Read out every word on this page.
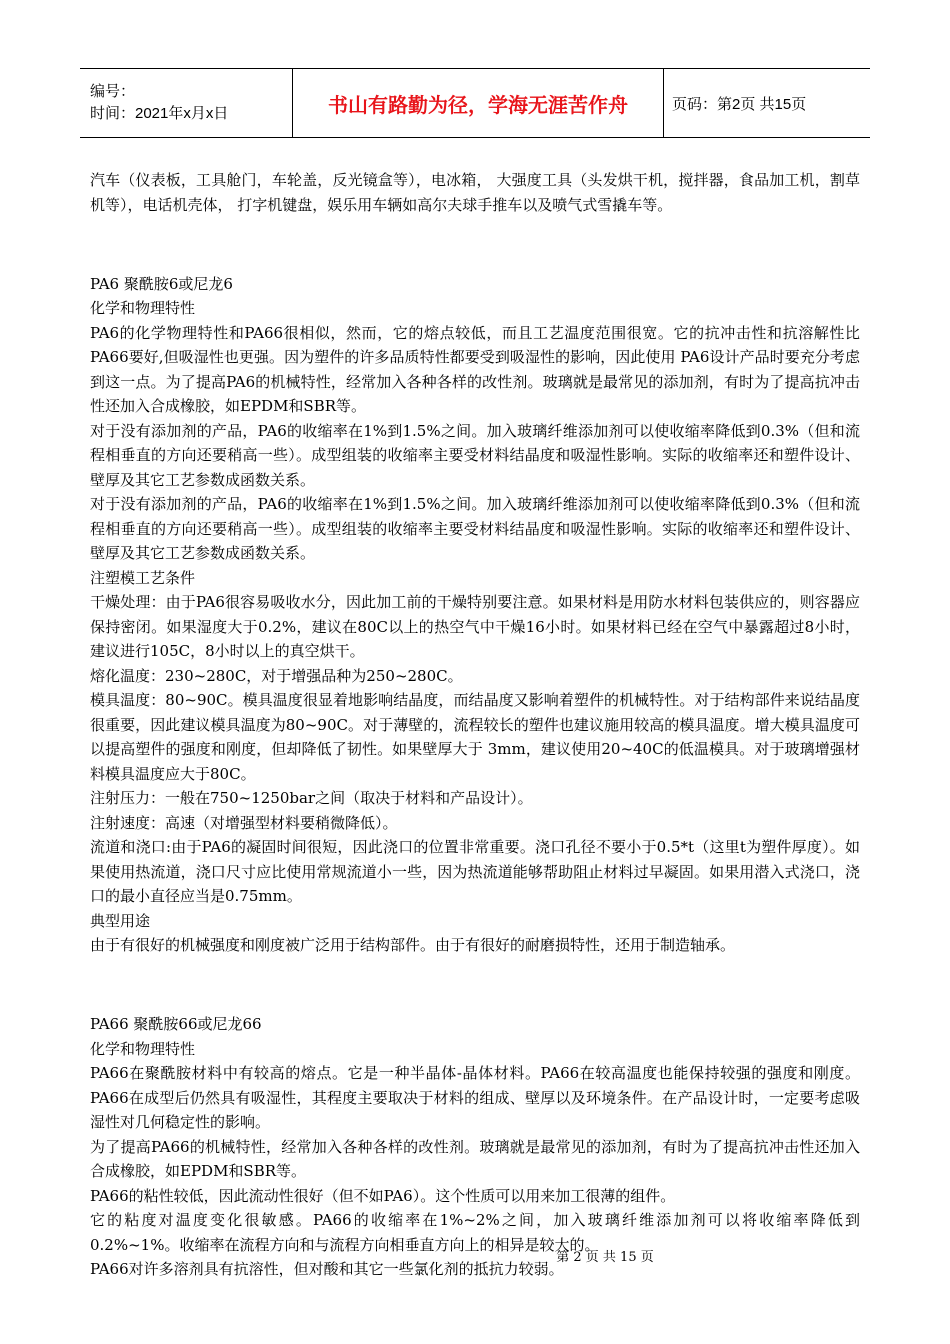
编号：
时间：2021年x月x日	书山有路勤为径，学海无涯苦作舟	页码：第2页 共15页

汽车（仪表板，工具舱门，车轮盖，反光镜盒等），电冰箱， 大强度工具（头发烘干机，搅拌器，食品加工机，割草机等），电话机壳体， 打字机键盘，娱乐用车辆如高尔夫球手推车以及喷气式雪撬车等。

PA6 聚酰胺6或尼龙6

化学和物理特性

PA6的化学物理特性和PA66很相似，然而，它的熔点较低，而且工艺温度范围很宽。它的抗冲击性和抗溶解性比PA66要好,但吸湿性也更强。因为塑件的许多品质特性都要受到吸湿性的影响，因此使用 PA6设计产品时要充分考虑到这一点。为了提高PA6的机械特性，经常加入各种各样的改性剂。玻璃就是最常见的添加剂，有时为了提高抗冲击性还加入合成橡胶，如EPDM和SBR等。

对于没有添加剂的产品，PA6的收缩率在1%到1.5%之间。加入玻璃纤维添加剂可以使收缩率降低到0.3%（但和流程相垂直的方向还要稍高一些）。成型组装的收缩率主要受材料结晶度和吸湿性影响。实际的收缩率还和塑件设计、壁厚及其它工艺参数成函数关系。

对于没有添加剂的产品，PA6的收缩率在1%到1.5%之间。加入玻璃纤维添加剂可以使收缩率降低到0.3%（但和流程相垂直的方向还要稍高一些）。成型组装的收缩率主要受材料结晶度和吸湿性影响。实际的收缩率还和塑件设计、壁厚及其它工艺参数成函数关系。

注塑模工艺条件

干燥处理：由于PA6很容易吸收水分，因此加工前的干燥特别要注意。如果材料是用防水材料包装供应的，则容器应保持密闭。如果湿度大于0.2%，建议在80C以上的热空气中干燥16小时。如果材料已经在空气中暴露超过8小时，建议进行105C，8小时以上的真空烘干。

熔化温度：230~280C，对于增强品种为250~280C。

模具温度：80~90C。模具温度很显着地影响结晶度，而结晶度又影响着塑件的机械特性。对于结构部件来说结晶度很重要，因此建议模具温度为80~90C。对于薄壁的，流程较长的塑件也建议施用较高的模具温度。增大模具温度可以提高塑件的强度和刚度，但却降低了韧性。如果壁厚大于 3mm，建议使用20~40C的低温模具。对于玻璃增强材料模具温度应大于80C。

注射压力：一般在750~1250bar之间（取决于材料和产品设计）。

注射速度：高速（对增强型材料要稍微降低）。

流道和浇口:由于PA6的凝固时间很短，因此浇口的位置非常重要。浇口孔径不要小于0.5*t（这里t为塑件厚度）。如果使用热流道，浇口尺寸应比使用常规流道小一些，因为热流道能够帮助阻止材料过早凝固。如果用潜入式浇口，浇口的最小直径应当是0.75mm。

典型用途

由于有很好的机械强度和刚度被广泛用于结构部件。由于有很好的耐磨损特性，还用于制造轴承。

PA66 聚酰胺66或尼龙66

化学和物理特性

PA66在聚酰胺材料中有较高的熔点。它是一种半晶体-晶体材料。PA66在较高温度也能保持较强的强度和刚度。PA66在成型后仍然具有吸湿性，其程度主要取决于材料的组成、壁厚以及环境条件。在产品设计时，一定要考虑吸湿性对几何稳定性的影响。

为了提高PA66的机械特性，经常加入各种各样的改性剂。玻璃就是最常见的添加剂，有时为了提高抗冲击性还加入合成橡胶，如EPDM和SBR等。

PA66的粘性较低，因此流动性很好（但不如PA6）。这个性质可以用来加工很薄的组件。

它的粘度对温度变化很敏感。PA66的收缩率在1%~2%之间，加入玻璃纤维添加剂可以将收缩率降低到0.2%~1%。收缩率在流程方向和与流程方向相垂直方向上的相异是较大的。

PA66对许多溶剂具有抗溶性，但对酸和其它一些氯化剂的抵抗力较弱。

第 2 页 共 15 页
